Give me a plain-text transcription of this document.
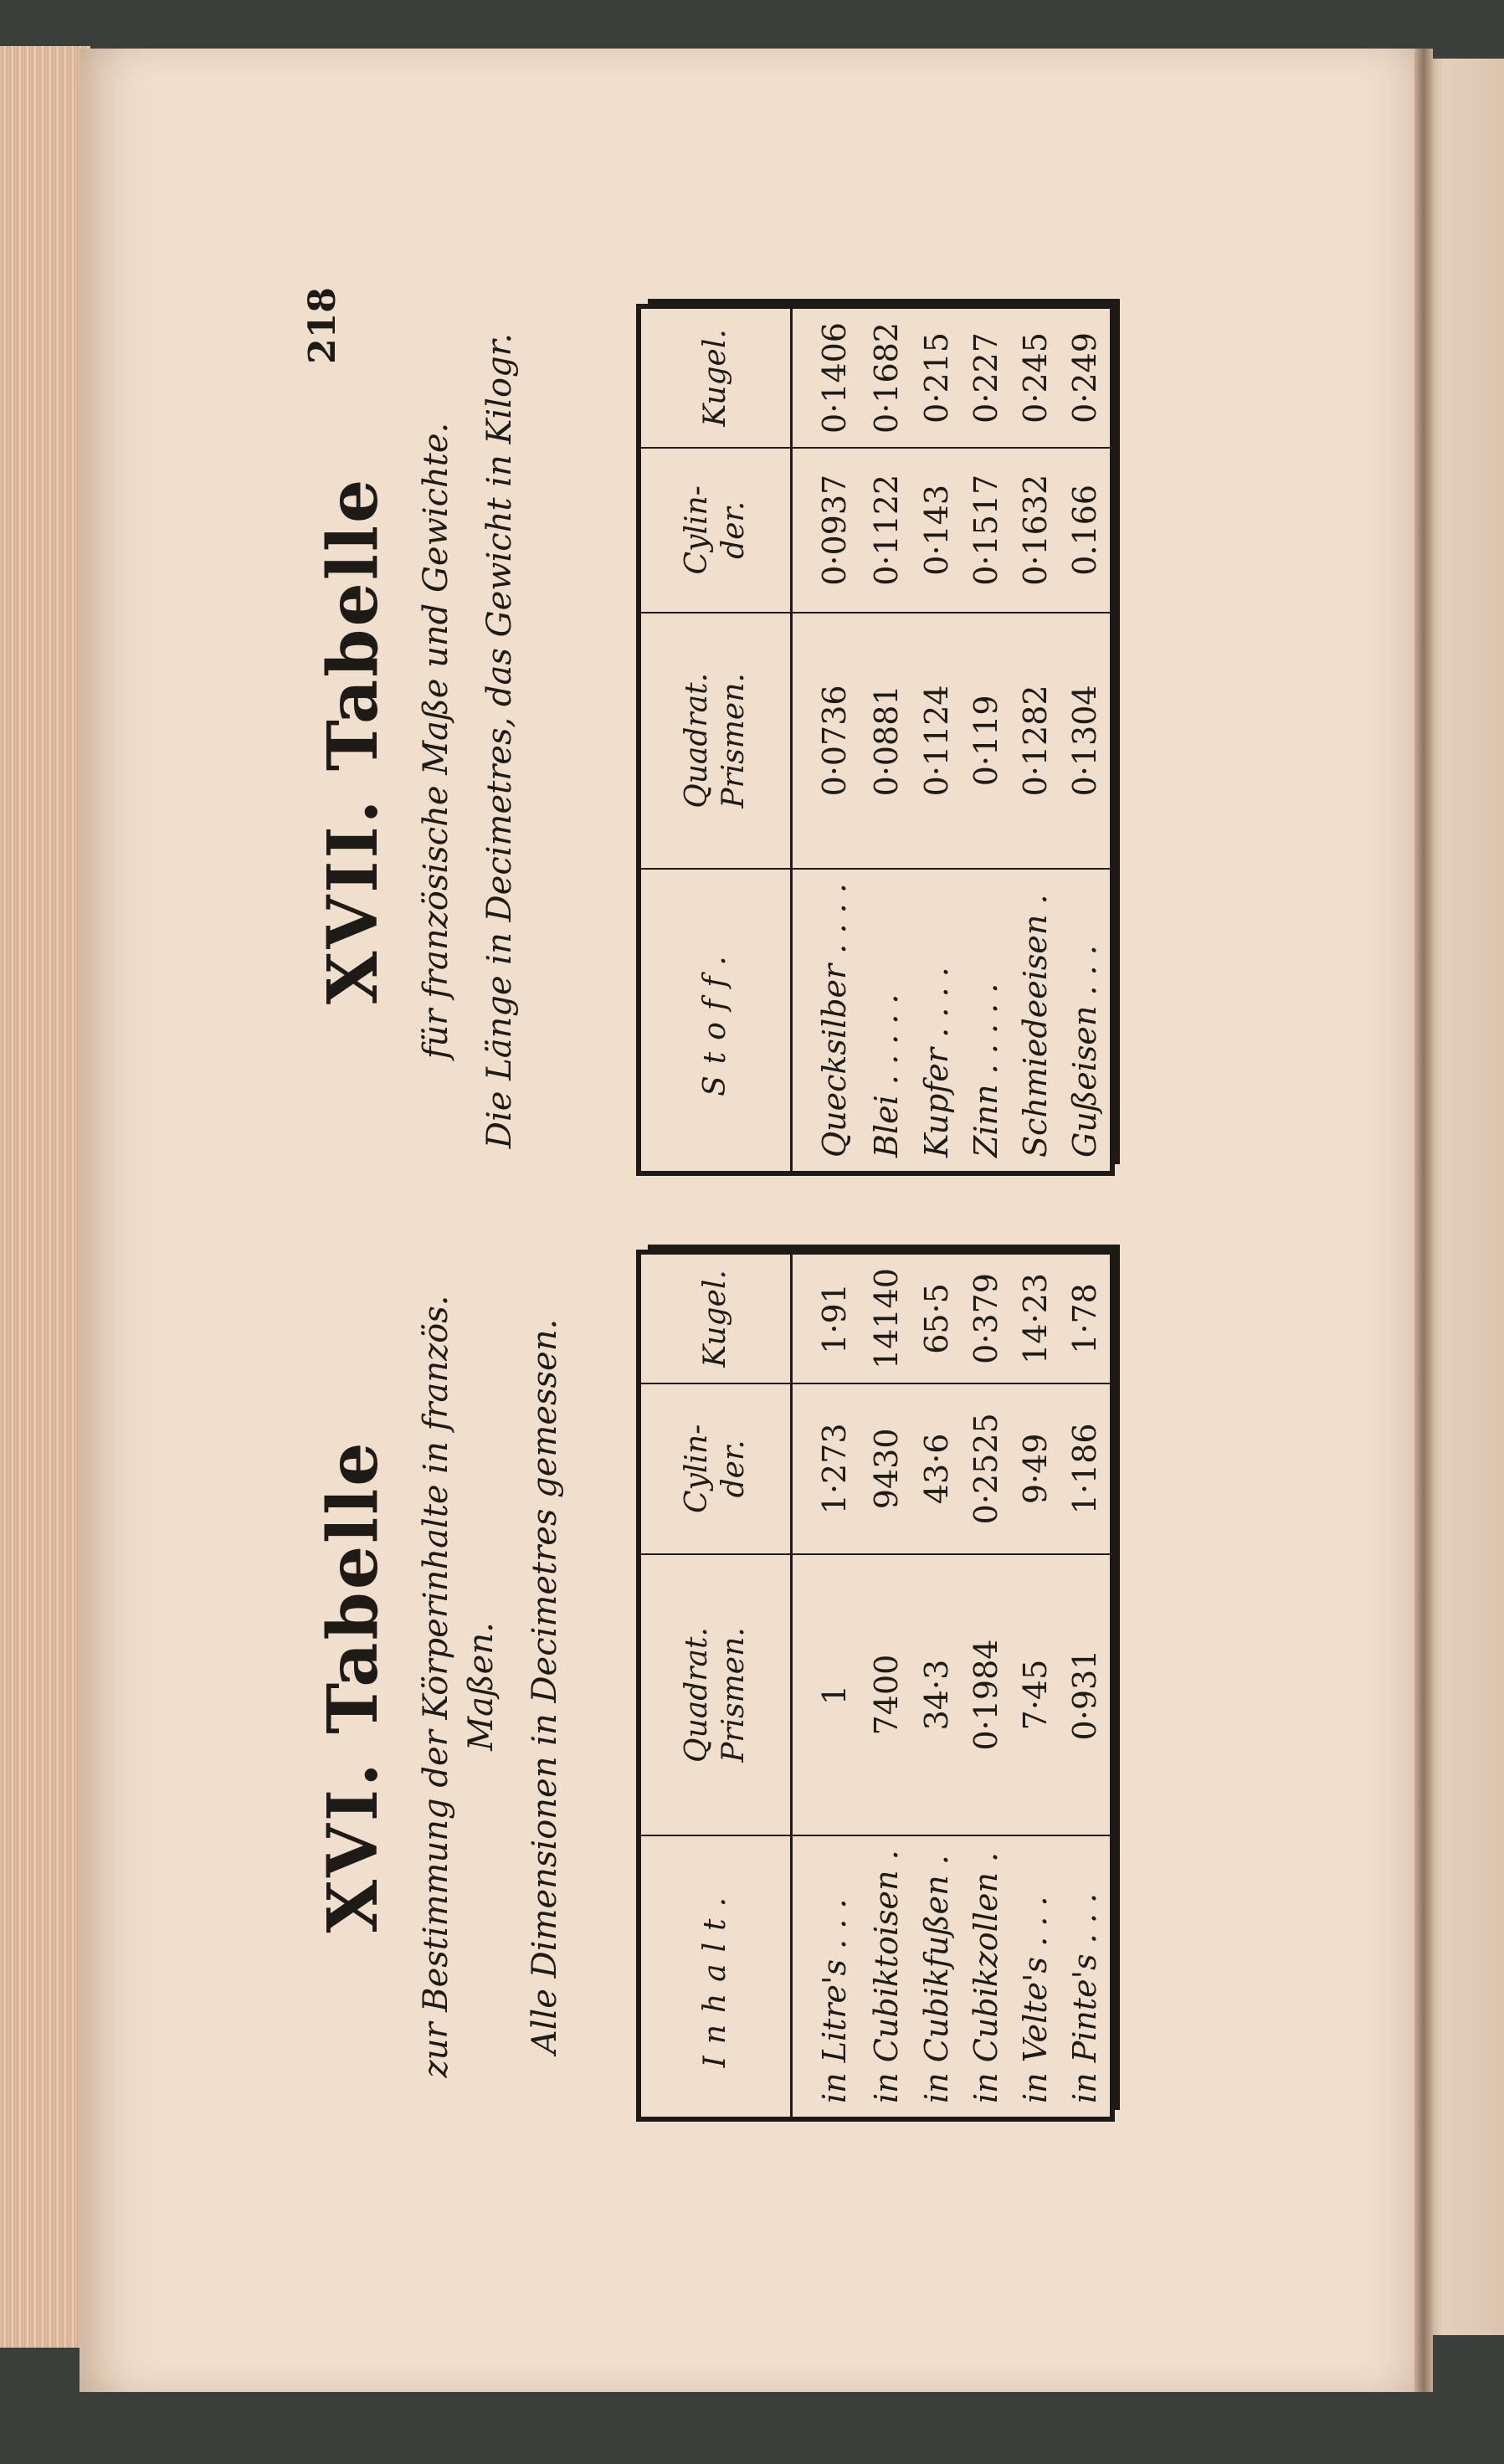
218
XVI. Tabelle zur Bestimmung der Körperinhalte in französ. Maßen. Alle Dimensionen in Decimetres gemessen.	Inhalt.	Quadrat. Prismen.	Cylin- der.	Kugel.
in Litre's . . .	1	1·273	1·91
in Cubiktoisen .	7400	9430	14140
in Cubikfußen .	34·3	43·6	65·5
in Cubikzollen .	0·1984	0·2525	0·379
in Velte's . . .	7·45	9·49	14·23
in Pinte's . . .	0·931	1·186	1·78
XVII. Tabelle für französische Maße und Gewichte. Die Länge in Decimetres, das Gewicht in Kilogr.	Stoff.	Quadrat. Prismen.	Cylin- der.	Kugel.
Quecksilber . . . .	0·0736	0·0937	0·1406
Blei . . . . .	0·0881	0·1122	0·1682
Kupfer . . . .	0·1124	0·143	0·215
Zinn . . . . .	0·119	0·1517	0·227
Schmiedeeisen .	0·1282	0·1632	0·245
Gußeisen . . .	0·1304	0.166	0·249
